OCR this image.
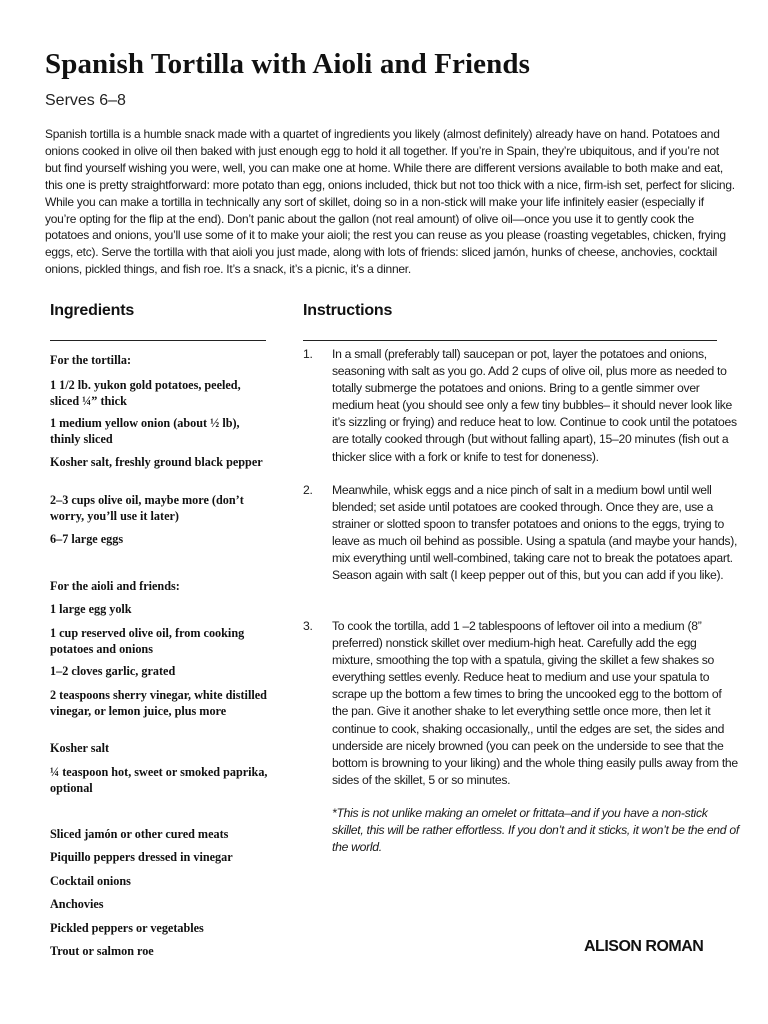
Spanish Tortilla with Aioli and Friends
Serves 6–8

Spanish tortilla is a humble snack made with a quartet of ingredients you likely (almost definitely) already have on hand. Potatoes and onions cooked in olive oil then baked with just enough egg to hold it all together. If you’re in Spain, they’re ubiquitous, and if you’re not but find yourself wishing you were, well, you can make one at home. While there are different versions available to both make and eat, this one is pretty straightforward: more potato than egg, onions included, thick but not too thick with a nice, firm-ish set, perfect for slicing. While you can make a tortilla in technically any sort of skillet, doing so in a non-stick will make your life infinitely easier (especially if you’re opting for the flip at the end). Don’t panic about the gallon (not real amount) of olive oil—once you use it to gently cook the potatoes and onions, you’ll use some of it to make your aioli; the rest you can reuse as you please (roasting vegetables, chicken, frying eggs, etc). Serve the tortilla with that aioli you just made, along with lots of friends: sliced jamón, hunks of cheese, anchovies, cocktail onions, pickled things, and fish roe. It’s a snack, it’s a picnic, it’s a dinner.

Ingredients	Instructions
For the tortilla:
1 1/2 lb. yukon gold potatoes, peeled, sliced ¼” thick
1 medium yellow onion (about ½ lb), thinly sliced
Kosher salt, freshly ground black pepper
2–3 cups olive oil, maybe more (don’t worry, you’ll use it later)
6–7 large eggs
For the aioli and friends:
1 large egg yolk
1 cup reserved olive oil, from cooking potatoes and onions
1–2 cloves garlic, grated
2 teaspoons sherry vinegar, white distilled vinegar, or lemon juice, plus more
Kosher salt
¼ teaspoon hot, sweet or smoked paprika, optional
Sliced jamón or other cured meats
Piquillo peppers dressed in vinegar
Cocktail onions
Anchovies
Pickled peppers or vegetables
Trout or salmon roe
1. In a small (preferably tall) saucepan or pot, layer the potatoes and onions, seasoning with salt as you go. Add 2 cups of olive oil, plus more as needed to totally submerge the potatoes and onions. Bring to a gentle simmer over medium heat (you should see only a few tiny bubbles– it should never look like it’s sizzling or frying) and reduce heat to low. Continue to cook until the potatoes are totally cooked through (but without falling apart), 15–20 minutes (fish out a thicker slice with a fork or knife to test for doneness).

2. Meanwhile, whisk eggs and a nice pinch of salt in a medium bowl until well blended; set aside until potatoes are cooked through. Once they are, use a strainer or slotted spoon to transfer potatoes and onions to the eggs, trying to leave as much oil behind as possible. Using a spatula (and maybe your hands), mix everything until well-combined, taking care not to break the potatoes apart. Season again with salt (I keep pepper out of this, but you can add if you like).

3. To cook the tortilla, add 1 –2 tablespoons of leftover oil into a medium (8” preferred) nonstick skillet over medium-high heat. Carefully add the egg mixture, smoothing the top with a spatula, giving the skillet a few shakes so everything settles evenly. Reduce heat to medium and use your spatula to scrape up the bottom a few times to bring the uncooked egg to the bottom of the pan. Give it another shake to let everything settle once more, then let it continue to cook, shaking occasionally,, until the edges are set, the sides and underside are nicely browned (you can peek on the underside to see that the bottom is browning to your liking) and the whole thing easily pulls away from the sides of the skillet, 5 or so minutes.

*This is not unlike making an omelet or frittata–and if you have a non-stick skillet, this will be rather effortless. If you don’t and it sticks, it won’t be the end of the world.
ALISON ROMAN
